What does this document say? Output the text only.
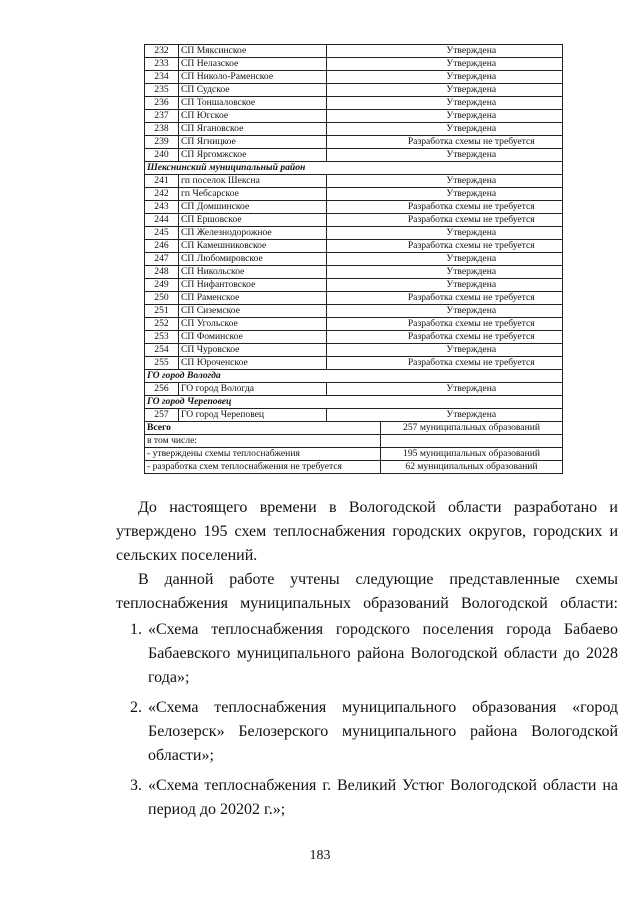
232	СП Мяксинское		Утверждена
233	СП Нелазское		Утверждена
234	СП Николо-Раменское		Утверждена
235	СП Судское		Утверждена
236	СП Тоншаловское		Утверждена
237	СП Югское		Утверждена
238	СП Ягановское		Утверждена
239	СП Ягницкое		Разработка схемы не требуется
240	СП Яргомжское		Утверждена
Шекснинский муниципальный район			
241	гп поселок Шексна		Утверждена
242	гп Чебсарское		Утверждена
243	СП Домшинское		Разработка схемы не требуется
244	СП Ершовское		Разработка схемы не требуется
245	СП Железнодорожное		Утверждена
246	СП Камешниковское		Разработка схемы не требуется
247	СП Любомировское		Утверждена
248	СП Никольское		Утверждена
249	СП Нифантовское		Утверждена
250	СП Раменское		Разработка схемы не требуется
251	СП Сиземское		Утверждена
252	СП Угольское		Разработка схемы не требуется
253	СП Фоминское		Разработка схемы не требуется
254	СП Чуровское		Утверждена
255	СП Юроченское		Разработка схемы не требуется
ГО город Вологда			
256	ГО город Вологда		Утверждена
ГО город Череповец			
257	ГО город Череповец		Утверждена
Всего			257 муниципальных образований
в том числе:			
- утверждены схемы теплоснабжения			195 муниципальных образований
- разработка схем теплоснабжения не требуется			62 муниципальных образований

До настоящего времени в Вологодской области разработано и утверждено 195 схем теплоснабжения городских округов, городских и сельских поселений.

В данной работе учтены следующие представленные схемы теплоснабжения муниципальных образований Вологодской области:

1. «Схема теплоснабжения городского поселения города Бабаево Бабаевского муниципального района Вологодской области до 2028 года»;
2. «Схема теплоснабжения муниципального образования «город Белозерск» Белозерского муниципального района Вологодской области»;
3. «Схема теплоснабжения г. Великий Устюг Вологодской области на период до 20202 г.»;
183
